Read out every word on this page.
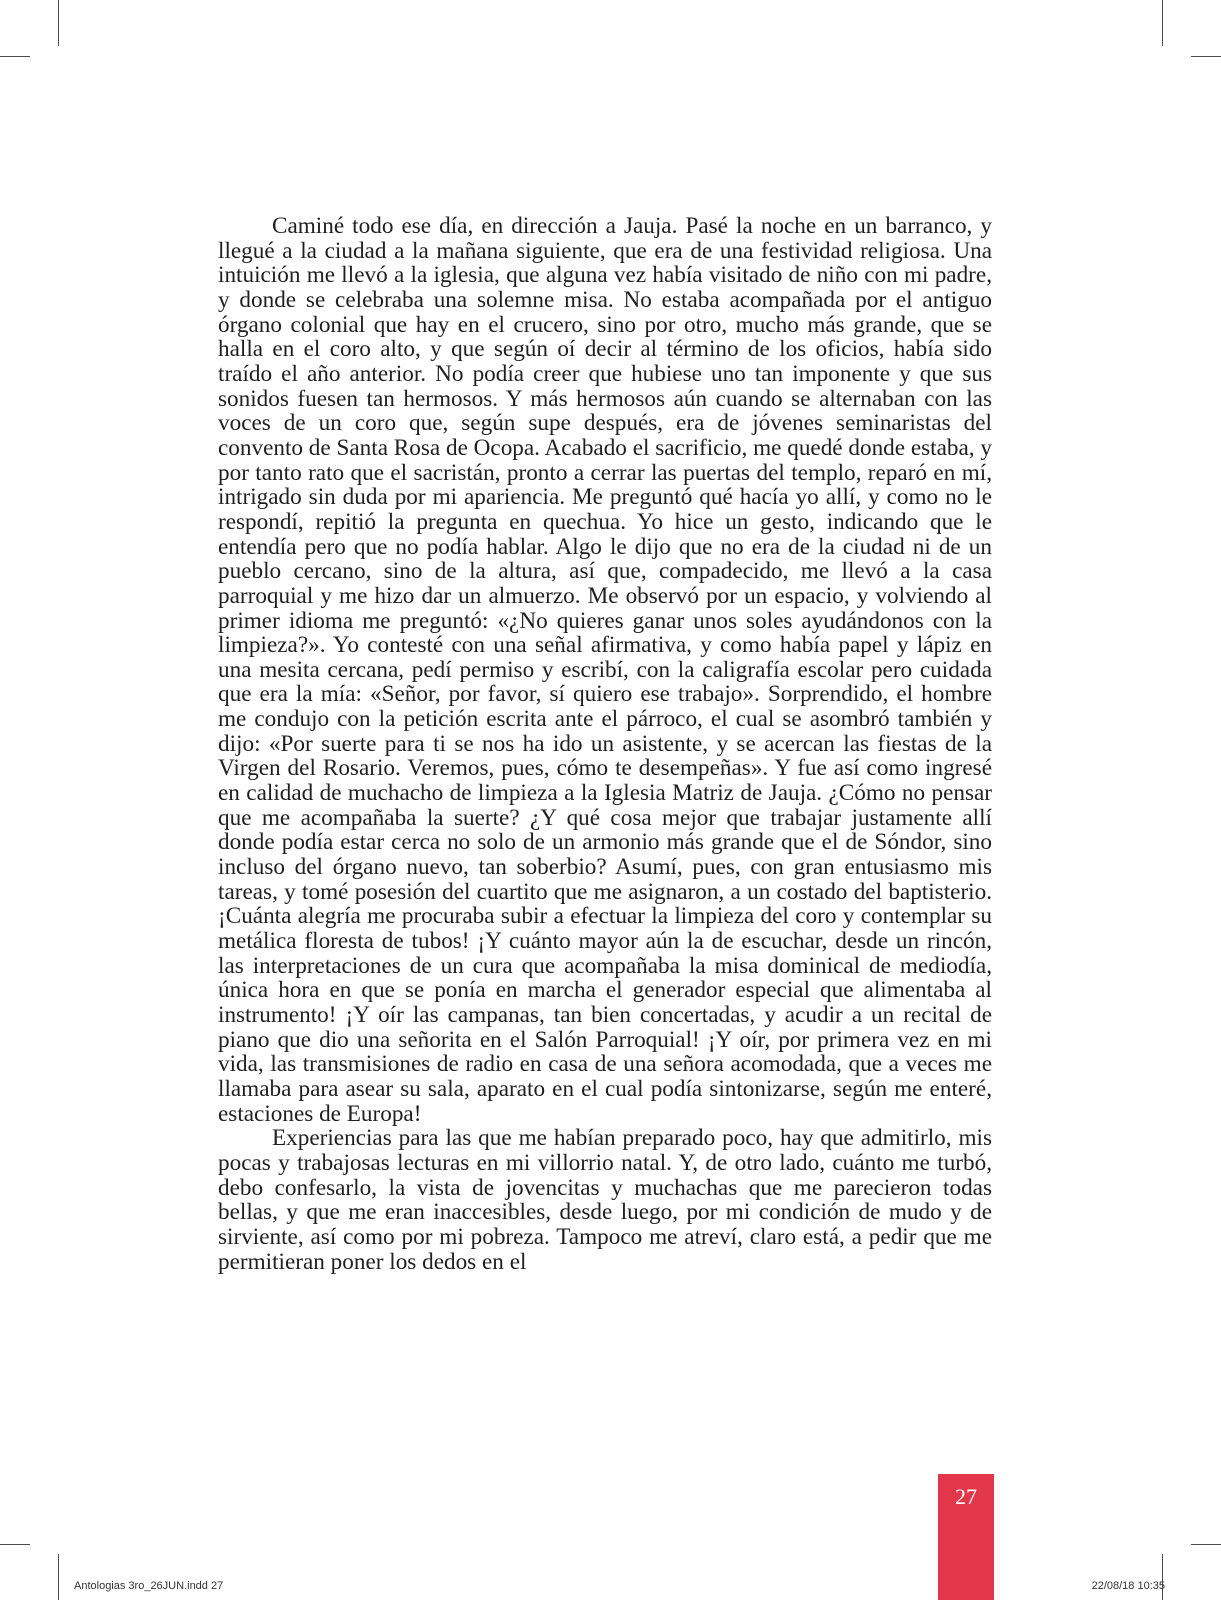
Caminé todo ese día, en dirección a Jauja. Pasé la noche en un barranco, y llegué a la ciudad a la mañana siguiente, que era de una festividad religiosa. Una intuición me llevó a la iglesia, que alguna vez había visitado de niño con mi padre, y donde se celebraba una solemne misa. No estaba acompañada por el antiguo órgano colonial que hay en el crucero, sino por otro, mucho más grande, que se halla en el coro alto, y que según oí decir al término de los oficios, había sido traído el año anterior. No podía creer que hubiese uno tan imponente y que sus sonidos fuesen tan hermosos. Y más hermosos aún cuando se alternaban con las voces de un coro que, según supe después, era de jóvenes seminaristas del convento de Santa Rosa de Ocopa. Acabado el sacrificio, me quedé donde estaba, y por tanto rato que el sacristán, pronto a cerrar las puertas del templo, reparó en mí, intrigado sin duda por mi apariencia. Me preguntó qué hacía yo allí, y como no le respondí, repitió la pregunta en quechua. Yo hice un gesto, indicando que le entendía pero que no podía hablar. Algo le dijo que no era de la ciudad ni de un pueblo cercano, sino de la altura, así que, compadecido, me llevó a la casa parroquial y me hizo dar un almuerzo. Me observó por un espacio, y volviendo al primer idioma me preguntó: «¿No quieres ganar unos soles ayudándonos con la limpieza?». Yo contesté con una señal afirmativa, y como había papel y lápiz en una mesita cercana, pedí permiso y escribí, con la caligrafía escolar pero cuidada que era la mía: «Señor, por favor, sí quiero ese trabajo». Sorprendido, el hombre me condujo con la petición escrita ante el párroco, el cual se asombró también y dijo: «Por suerte para ti se nos ha ido un asistente, y se acercan las fiestas de la Virgen del Rosario. Veremos, pues, cómo te desempeñas». Y fue así como ingresé en calidad de muchacho de limpieza a la Iglesia Matriz de Jauja. ¿Cómo no pensar que me acompañaba la suerte? ¿Y qué cosa mejor que trabajar justamente allí donde podía estar cerca no solo de un armonio más grande que el de Sóndor, sino incluso del órgano nuevo, tan soberbio? Asumí, pues, con gran entusiasmo mis tareas, y tomé posesión del cuartito que me asignaron, a un costado del baptisterio. ¡Cuánta alegría me procuraba subir a efectuar la limpieza del coro y contemplar su metálica floresta de tubos! ¡Y cuánto mayor aún la de escuchar, desde un rincón, las interpretaciones de un cura que acompañaba la misa dominical de mediodía, única hora en que se ponía en marcha el generador especial que alimentaba al instrumento! ¡Y oír las campanas, tan bien concertadas, y acudir a un recital de piano que dio una señorita en el Salón Parroquial! ¡Y oír, por primera vez en mi vida, las transmisiones de radio en casa de una señora acomodada, que a veces me llamaba para asear su sala, aparato en el cual podía sintonizarse, según me enteré, estaciones de Europa!

Experiencias para las que me habían preparado poco, hay que admitirlo, mis pocas y trabajosas lecturas en mi villorrio natal. Y, de otro lado, cuánto me turbó, debo confesarlo, la vista de jovencitas y muchachas que me parecieron todas bellas, y que me eran inaccesibles, desde luego, por mi condición de mudo y de sirviente, así como por mi pobreza. Tampoco me atreví, claro está, a pedir que me permitieran poner los dedos en el

27
Antologias 3ro_26JUN.indd 27	22/08/18 10:35
